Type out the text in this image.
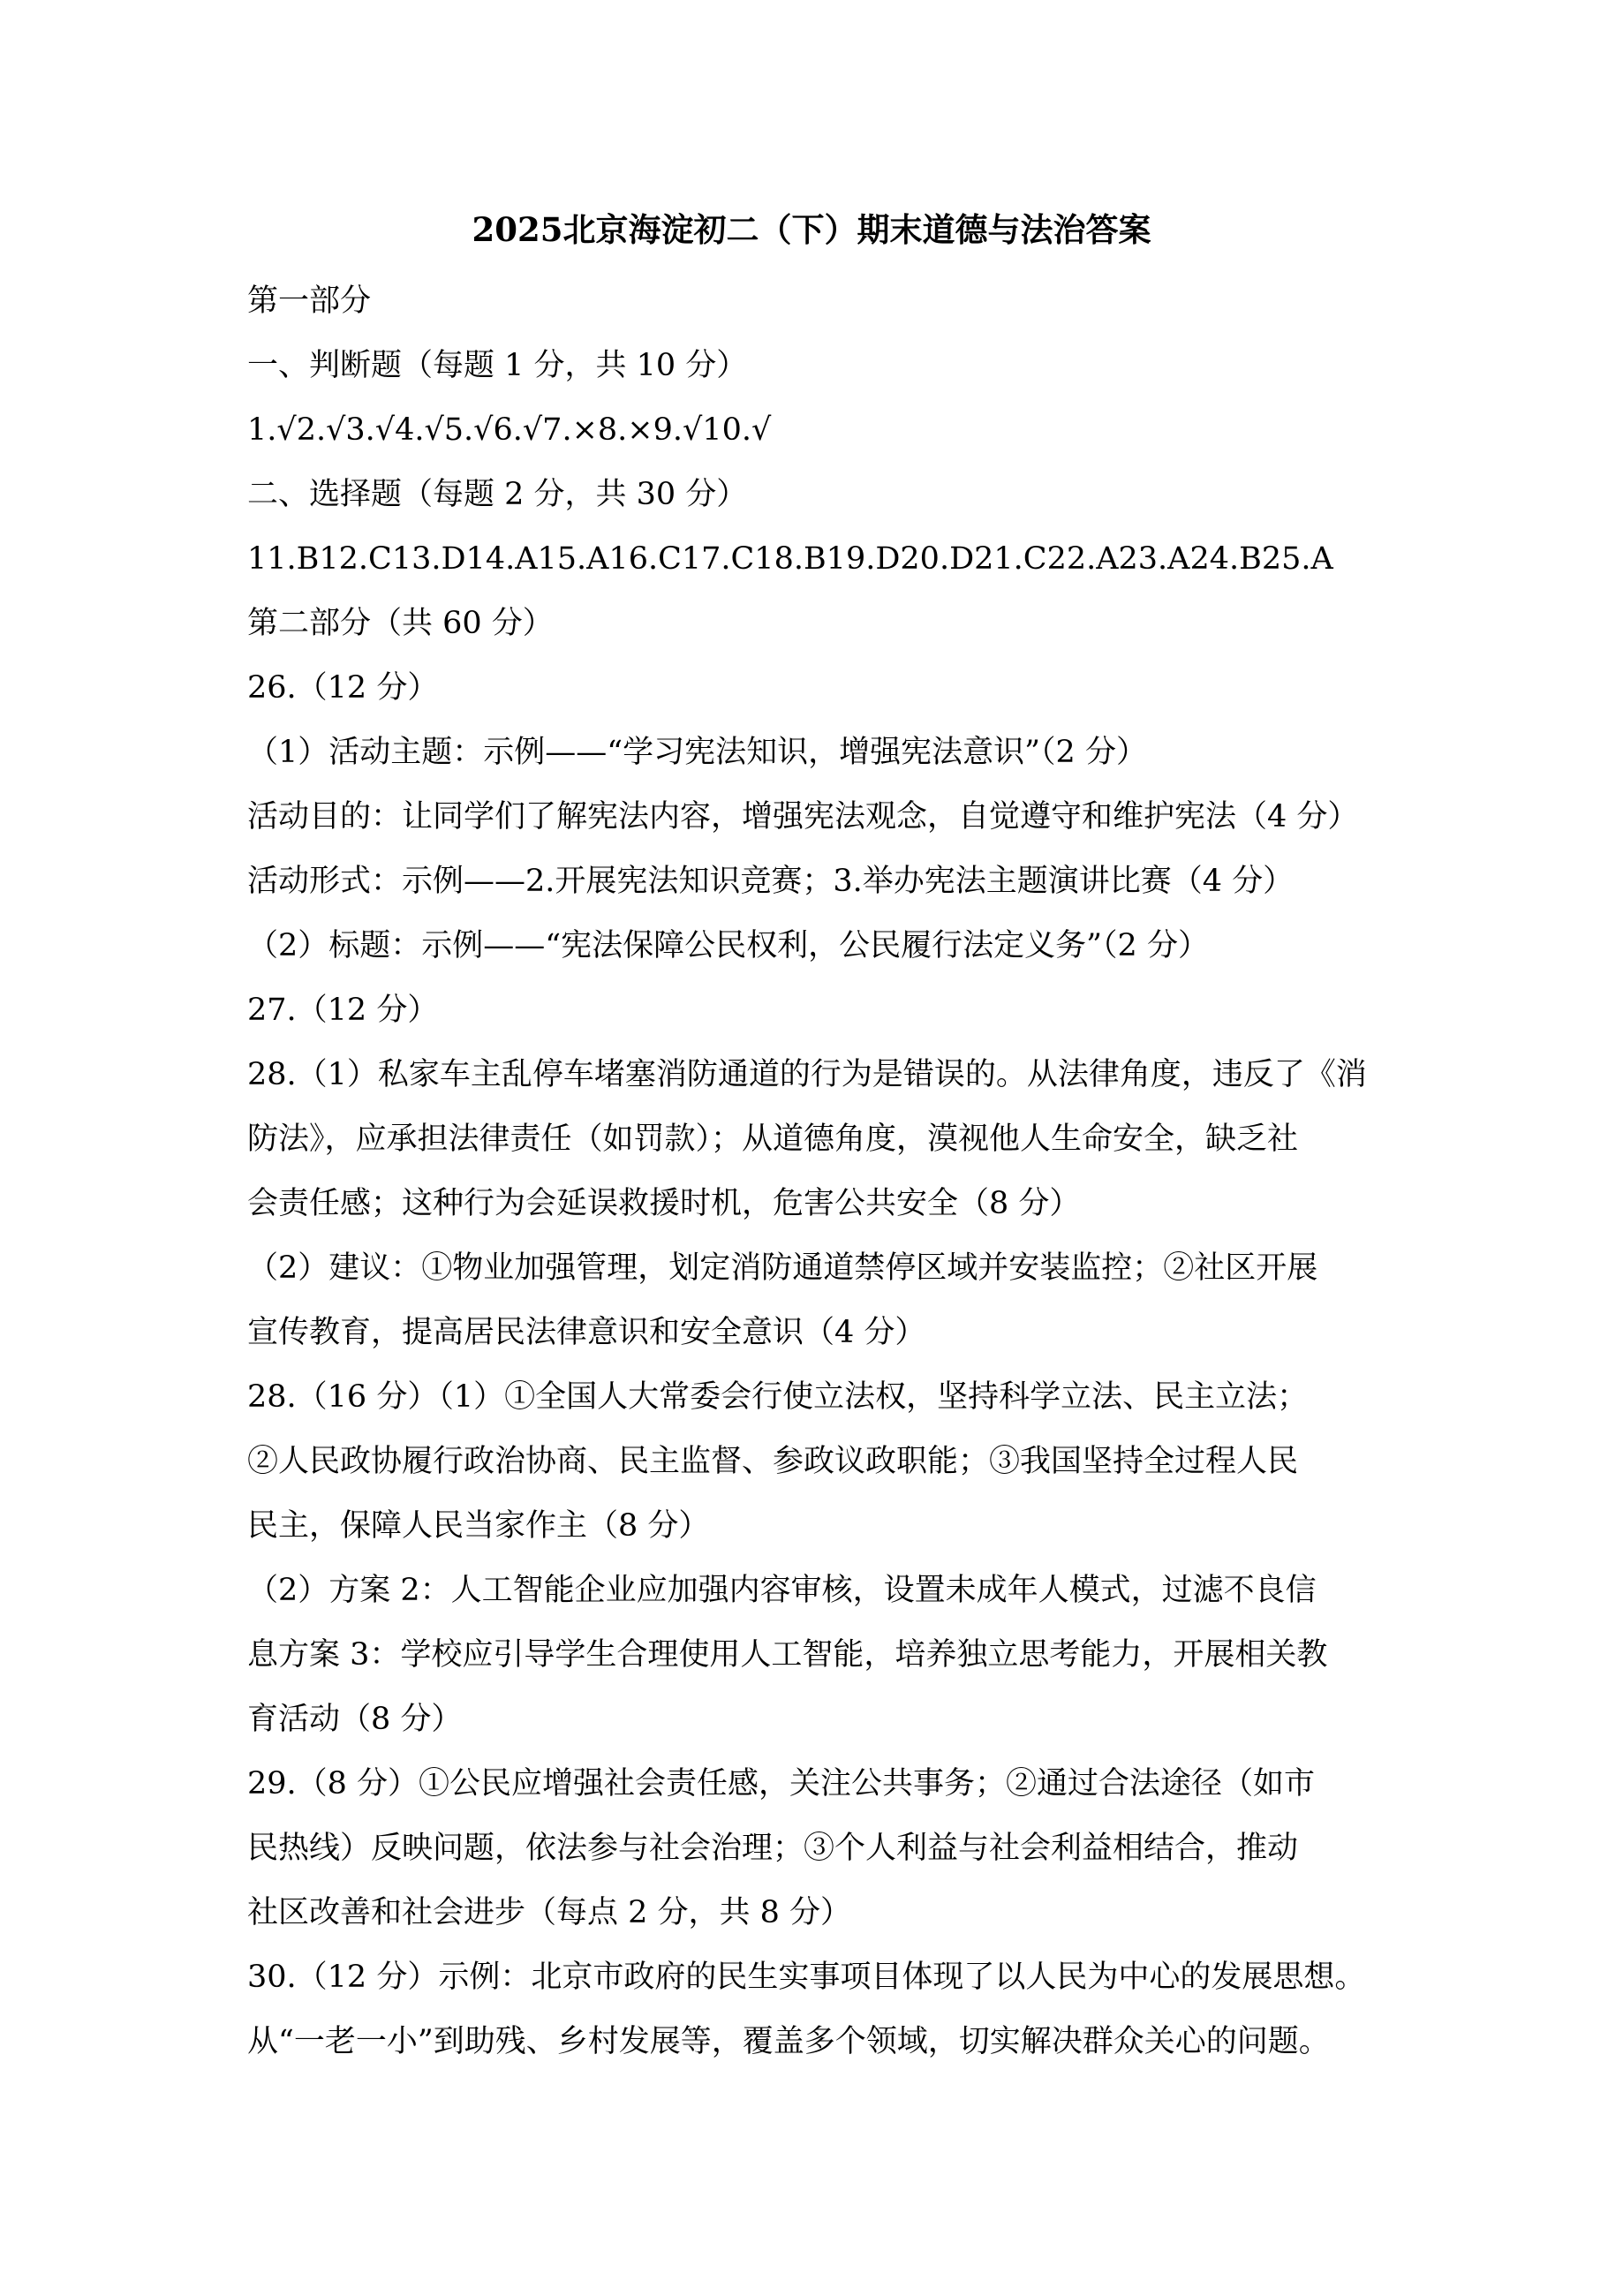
2025北京海淀初二（下）期末道德与法治答案
第一部分
一、判断题（每题 1 分，共 10 分）
1.√2.√3.√4.√5.√6.√7.×8.×9.√10.√
二、选择题（每题 2 分，共 30 分）
11.B12.C13.D14.A15.A16.C17.C18.B19.D20.D21.C22.A23.A24.B25.A
第二部分（共 60 分）
26.（12 分）
（1）活动主题：示例——“学习宪法知识，增强宪法意识”（2 分）
活动目的：让同学们了解宪法内容，增强宪法观念，自觉遵守和维护宪法（4 分）
活动形式：示例——2.开展宪法知识竞赛；3.举办宪法主题演讲比赛（4 分）
（2）标题：示例——“宪法保障公民权利，公民履行法定义务”（2 分）
27.（12 分）
28.（1）私家车主乱停车堵塞消防通道的行为是错误的。从法律角度，违反了《消
防法》，应承担法律责任（如罚款）；从道德角度，漠视他人生命安全，缺乏社
会责任感；这种行为会延误救援时机，危害公共安全（8 分）
（2）建议：①物业加强管理，划定消防通道禁停区域并安装监控；②社区开展
宣传教育，提高居民法律意识和安全意识（4 分）
28.（16 分）（1）①全国人大常委会行使立法权，坚持科学立法、民主立法；
②人民政协履行政治协商、民主监督、参政议政职能；③我国坚持全过程人民
民主，保障人民当家作主（8 分）
（2）方案 2：人工智能企业应加强内容审核，设置未成年人模式，过滤不良信
息方案 3：学校应引导学生合理使用人工智能，培养独立思考能力，开展相关教
育活动（8 分）
29.（8 分）①公民应增强社会责任感，关注公共事务；②通过合法途径（如市
民热线）反映问题，依法参与社会治理；③个人利益与社会利益相结合，推动
社区改善和社会进步（每点 2 分，共 8 分）
30.（12 分）示例：北京市政府的民生实事项目体现了以人民为中心的发展思想。
从“一老一小”到助残、乡村发展等，覆盖多个领域，切实解决群众关心的问题。
